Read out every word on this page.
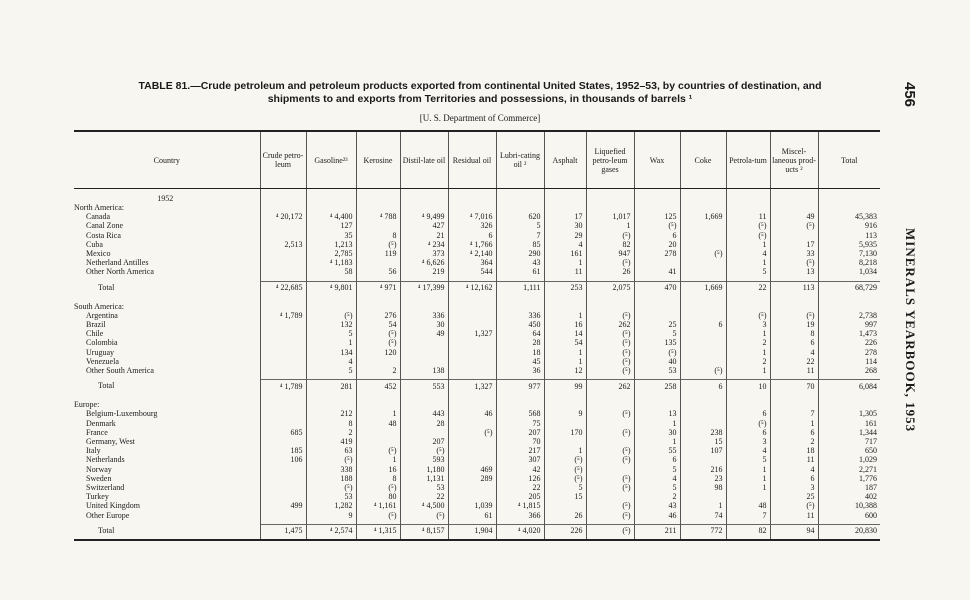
TABLE 81.—Crude petroleum and petroleum products exported from continental United States, 1952–53, by countries of destination, and
shipments to and exports from Territories and possessions, in thousands of barrels ¹
[U. S. Department of Commerce]
456
MINERALS YEARBOOK, 1953
Country	Crude petro-leum	Gasoline²³	Kerosine	Distil-late oil	Residual oil	Lubri-cating oil ²	Asphalt	Liquefied petro-leum gases	Wax	Coke	Petrola-tum	Miscel-laneous prod-ucts ²	Total
1952													
North America:													
Canada	⁴ 20,172	⁴ 4,400	⁴ 788	⁴ 9,499	⁴ 7,016	620	17	1,017	125	1,669	11	49	45,383
Canal Zone		127		427	326	5	30	1	(⁵)		(⁵)	(⁵)	916
Costa Rica		35	8	21	6	7	29	(⁵)	6		(⁵)		113
Cuba	2,513	1,213	(⁵)	⁴ 234	⁴ 1,766	85	4	82	20		1	17	5,935
Mexico		2,785	119	373	⁴ 2,140	290	161	947	278	(⁵)	4	33	7,130
Netherland Antilles		⁴ 1,183		⁴ 6,626	364	43	1	(⁵)			1	(⁵)	8,218
Other North America		58	56	219	544	61	11	26	41		5	13	1,034

Total	⁴ 22,685	⁴ 9,801	⁴ 971	⁴ 17,399	⁴ 12,162	1,111	253	2,075	470	1,669	22	113	68,729

South America:													
Argentina	⁴ 1,789	(⁵)	276	336		336	1	(⁵)			(⁵)	(⁵)	2,738
Brazil		132	54	30		450	16	262	25	6	3	19	997
Chile		5	(⁵)	49	1,327	64	14	(⁵)	5		1	8	1,473
Colombia		1	(⁵)			28	54	(⁵)	135		2	6	226
Uruguay		134	120			18	1	(⁵)	(⁵)		1	4	278
Venezuela		4				45	1	(⁵)	40		2	22	114
Other South America		5	2	138		36	12	(⁵)	53	(⁵)	1	11	268

Total	⁴ 1,789	281	452	553	1,327	977	99	262	258	6	10	70	6,084

Europe:													
Belgium-Luxembourg		212	1	443	46	568	9	(⁵)	13		6	7	1,305
Denmark		8	48	28		75			1		(⁵)	1	161
France	685	2			(⁵)	207	170	(⁵)	30	238	6	6	1,344
Germany, West		419		207		70			1	15	3	2	717
Italy	185	63	(⁵)	(⁵)		217	1	(⁵)	55	107	4	18	650
Netherlands	106	(⁵)	1	593		307	(⁵)	(⁵)	6		5	11	1,029
Norway		338	16	1,180	469	42	(⁵)		5	216	1	4	2,271
Sweden		188	8	1,131	289	126	(⁵)	(⁵)	4	23	1	6	1,776
Switzerland		(⁵)	(⁵)	53		22	5	(⁵)	5	98	1	3	187
Turkey		53	80	22		205	15		2			25	402
United Kingdom	499	1,282	⁴ 1,161	⁴ 4,500	1,039	⁴ 1,815		(⁵)	43	1	48	(⁵)	10,388
Other Europe		9	(⁵)	(⁵)	61	366	26	(⁵)	46	74	7	11	600

Total	1,475	⁴ 2,574	⁴ 1,315	⁴ 8,157	1,904	⁴ 4,020	226	(⁵)	211	772	82	94	20,830
